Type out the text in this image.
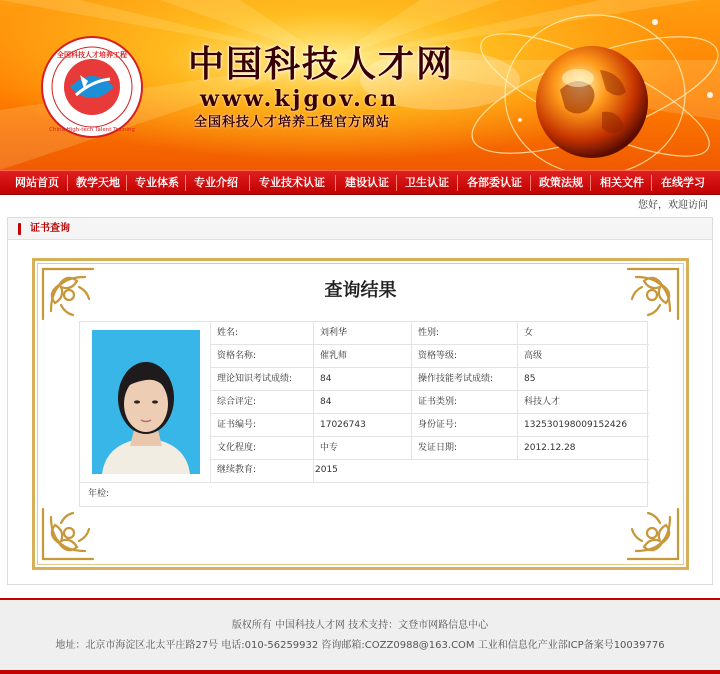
全国科技人才培养工程
China High-tech Talent Training
中国科技人才网
www.kjgov.cn
全国科技人才培养工程官方网站
网站首页 教学天地 专业体系 专业介绍 专业技术认证 建设认证 卫生认证 各部委认证 政策法规 相关文件 在线学习
您好，欢迎访问
证书查询
查询结果
姓名:	刘利华	性别:	女
资格名称:	催乳师	资格等级:	高级
理论知识考试成绩:	84	操作技能考试成绩:	85
综合评定:	84	证书类别:	科技人才
证书编号:	17026743	身份证号:	132530198009152426
文化程度:	中专	发证日期:	2012.12.28
继续教育:	2015
年检:
版权所有 中国科技人才网 技术支持：文登市网路信息中心
地址：北京市海淀区北太平庄路27号 电话:010-56259932 咨询邮箱:COZZ0988@163.COM 工业和信息化产业部ICP备案号10039776
